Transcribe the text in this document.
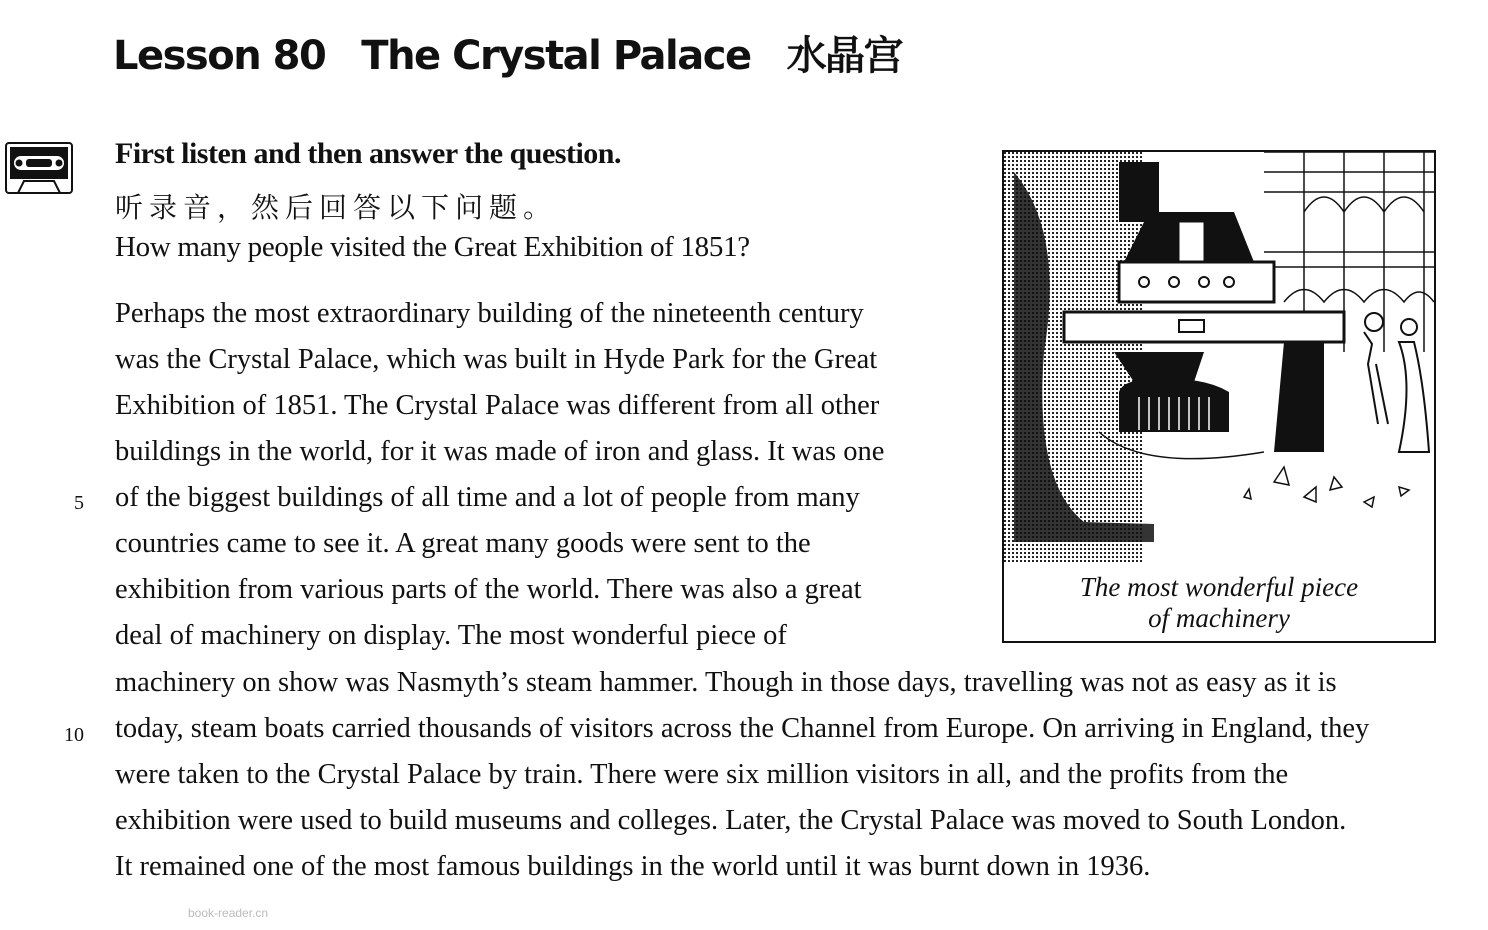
Lesson 80 The Crystal Palace 水晶宫
First listen and then answer the question.
听录音，然后回答以下问题。
How many people visited the Great Exhibition of 1851?
Perhaps the most extraordinary building of the nineteenth century
was the Crystal Palace, which was built in Hyde Park for the Great
Exhibition of 1851. The Crystal Palace was different from all other
buildings in the world, for it was made of iron and glass. It was one
5 of the biggest buildings of all time and a lot of people from many
countries came to see it. A great many goods were sent to the
exhibition from various parts of the world. There was also a great
deal of machinery on display. The most wonderful piece of
machinery on show was Nasmyth’s steam hammer. Though in those days, travelling was not as easy as it is
10 today, steam boats carried thousands of visitors across the Channel from Europe. On arriving in England, they
were taken to the Crystal Palace by train. There were six million visitors in all, and the profits from the
exhibition were used to build museums and colleges. Later, the Crystal Palace was moved to South London.
It remained one of the most famous buildings in the world until it was burnt down in 1936.
The most wonderful piece
of machinery
book-reader.cn
